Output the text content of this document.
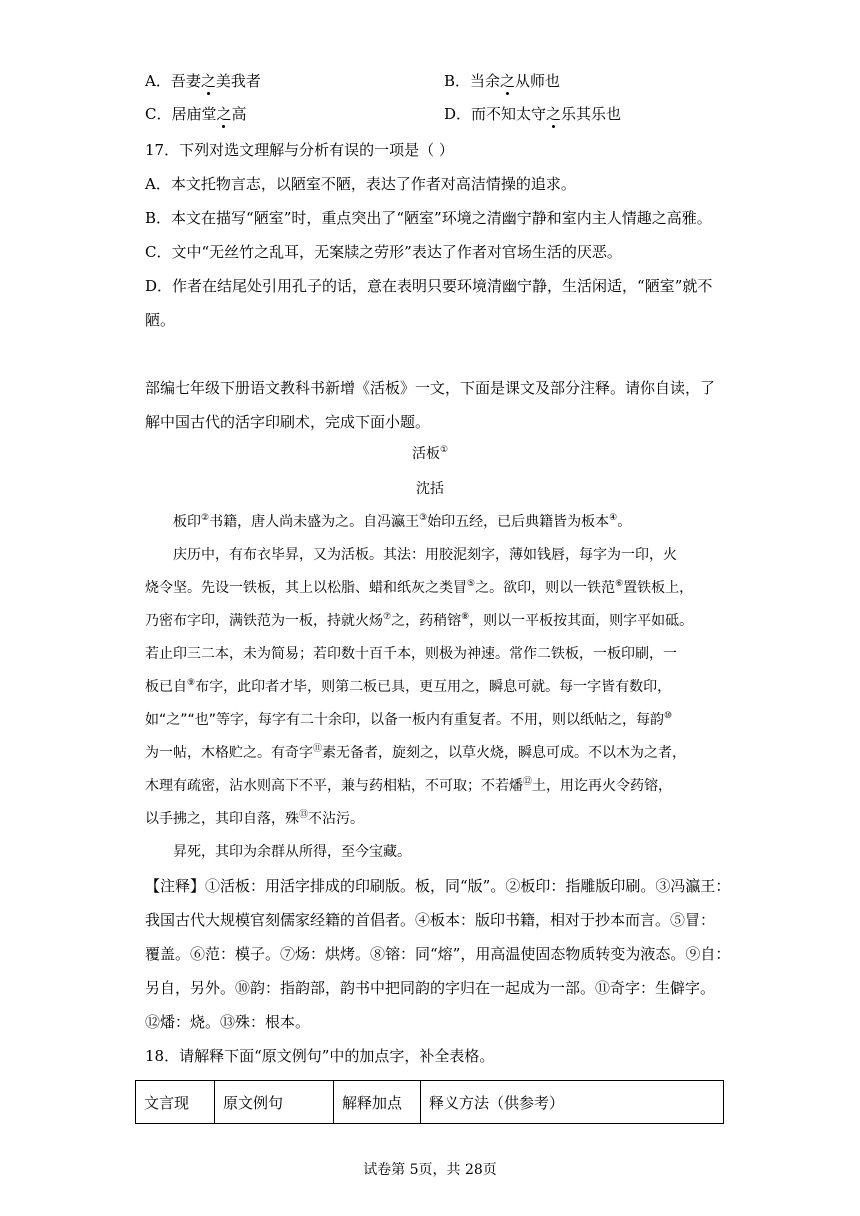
A．吾妻之美我者	B．当余之从师也
C．居庙堂之高	D．而不知太守之乐其乐也
17．下列对选文理解与分析有误的一项是（ ）
A．本文托物言志，以陋室不陋，表达了作者对高洁情操的追求。
B．本文在描写“陋室”时，重点突出了“陋室”环境之清幽宁静和室内主人情趣之高雅。
C．文中“无丝竹之乱耳，无案牍之劳形”表达了作者对官场生活的厌恶。
D．作者在结尾处引用孔子的话，意在表明只要环境清幽宁静，生活闲适，“陋室”就不
陋。
部编七年级下册语文教科书新增《活板》一文，下面是课文及部分注释。请你自读，了
解中国古代的活字印刷术，完成下面小题。
活板①
沈括
　　板印②书籍，唐人尚未盛为之。自冯瀛王③始印五经，已后典籍皆为板本④。
　　庆历中，有布衣毕昇，又为活板。其法：用胶泥刻字，薄如钱唇，每字为一印，火
烧令坚。先设一铁板，其上以松脂、蜡和纸灰之类冒⑤之。欲印，则以一铁范⑥置铁板上，
乃密布字印，满铁范为一板，持就火炀⑦之，药稍镕⑧，则以一平板按其面，则字平如砥。
若止印三二本，未为简易；若印数十百千本，则极为神速。常作二铁板，一板印刷，一
板已自⑨布字，此印者才毕，则第二板已具，更互用之，瞬息可就。每一字皆有数印，
如“之”“也”等字，每字有二十余印，以备一板内有重复者。不用，则以纸帖之，每韵⑩
为一帖，木格贮之。有奇字⑪素无备者，旋刻之，以草火烧，瞬息可成。不以木为之者，
木理有疏密，沾水则高下不平，兼与药相粘，不可取；不若燔⑫土，用讫再火令药镕，
以手拂之，其印自落，殊⑬不沾污。
　　昇死，其印为余群从所得，至今宝藏。
【注释】①活板：用活字排成的印刷版。板，同“版”。②板印：指雕版印刷。③冯瀛王：
我国古代大规模官刻儒家经籍的首倡者。④板本：版印书籍，相对于抄本而言。⑤冒：
覆盖。⑥范：模子。⑦炀：烘烤。⑧镕：同“熔”，用高温使固态物质转变为液态。⑨自：
另自，另外。⑩韵：指韵部，韵书中把同韵的字归在一起成为一部。⑪奇字：生僻字。
⑫燔：烧。⑬殊：根本。
18．请解释下面“原文例句”中的加点字，补全表格。
文言现	原文例句	解释加点	释义方法（供参考）
试卷第 5页，共 28页
